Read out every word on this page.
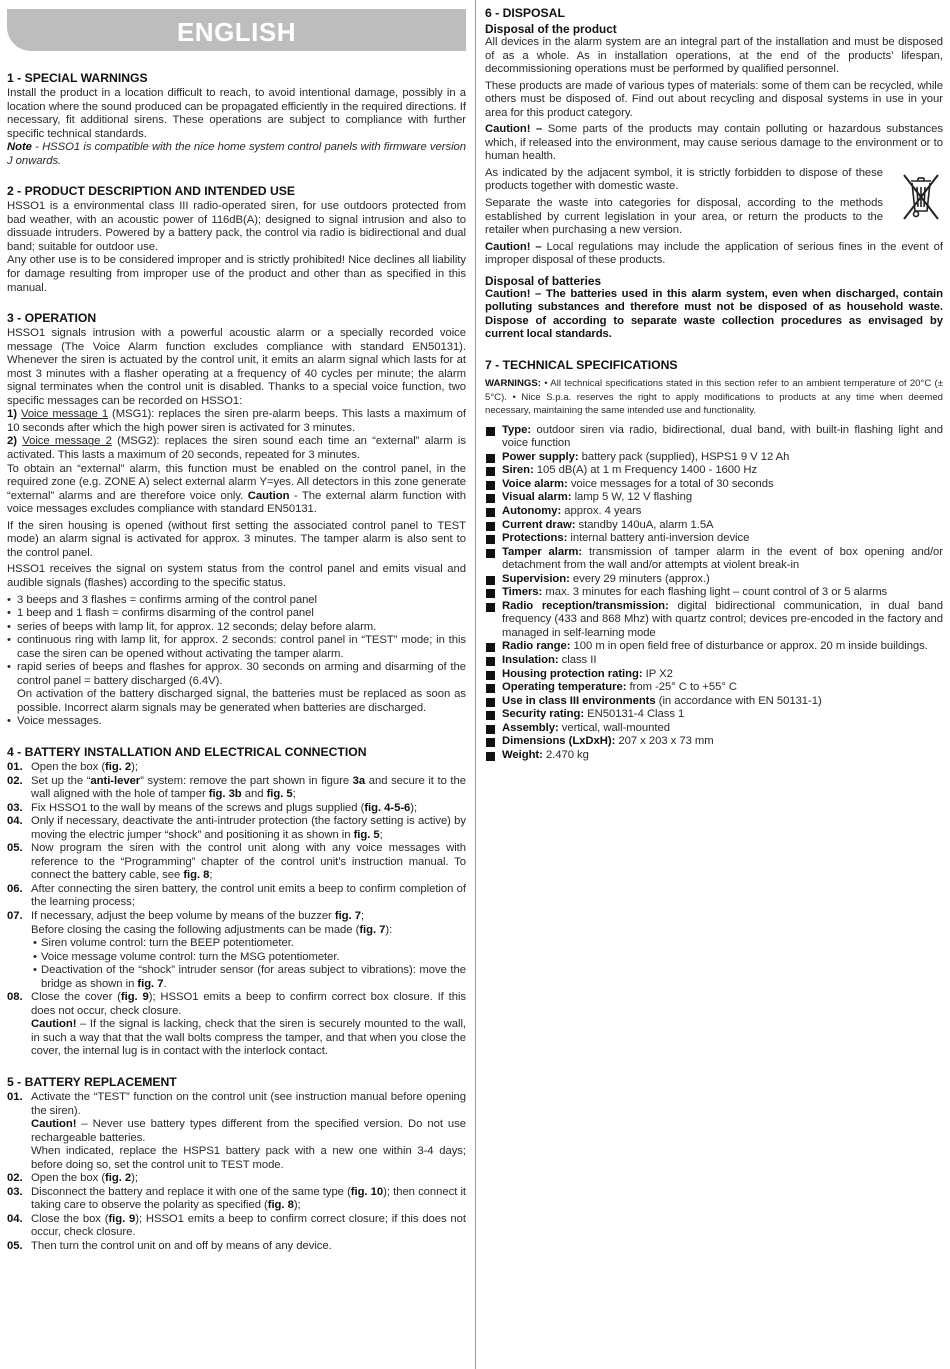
ENGLISH
1 - SPECIAL WARNINGS

Install the product in a location difficult to reach, to avoid intentional damage, possibly in a location where the sound produced can be propagated efficiently in the required directions. If necessary, fit additional sirens. These operations are subject to compliance with further specific technical standards.
Note - HSSO1 is compatible with the nice home system control panels with firmware version J onwards.

2 - PRODUCT DESCRIPTION AND INTENDED USE

HSSO1 is a environmental class III radio-operated siren, for use outdoors protected from bad weather, with an acoustic power of 116dB(A); designed to signal intrusion and also to dissuade intruders. Powered by a battery pack, the control via radio is bidirectional and dual band; suitable for outdoor use.

Any other use is to be considered improper and is strictly prohibited! Nice declines all liability for damage resulting from improper use of the product and other than as specified in this manual.

3 - OPERATION

HSSO1 signals intrusion with a powerful acoustic alarm or a specially recorded voice message (The Voice Alarm function excludes compliance with standard EN50131). Whenever the siren is actuated by the control unit, it emits an alarm signal which lasts for at most 3 minutes with a flasher operating at a frequency of 40 cycles per minute; the alarm signal terminates when the control unit is disabled. Thanks to a special voice function, two specific messages can be recorded on HSSO1:

1) Voice message 1 (MSG1): replaces the siren pre-alarm beeps. This lasts a maximum of 10 seconds after which the high power siren is activated for 3 minutes.

2) Voice message 2 (MSG2): replaces the siren sound each time an “external” alarm is activated. This lasts a maximum of 20 seconds, repeated for 3 minutes.

To obtain an “external” alarm, this function must be enabled on the control panel, in the required zone (e.g. ZONE A) select external alarm Y=yes. All detectors in this zone generate “external” alarms and are therefore voice only. Caution - The external alarm function with voice messages excludes compliance with standard EN50131.

If the siren housing is opened (without first setting the associated control panel to TEST mode) an alarm signal is activated for approx. 3 minutes. The tamper alarm is also sent to the control panel.

HSSO1 receives the signal on system status from the control panel and emits visual and audible signals (flashes) according to the specific status.

• 3 beeps and 3 flashes = confirms arming of the control panel

• 1 beep and 1 flash = confirms disarming of the control panel

• series of beeps with lamp lit, for approx. 12 seconds; delay before alarm.

• continuous ring with lamp lit, for approx. 2 seconds: control panel in “TEST” mode; in this case the siren can be opened without activating the tamper alarm.

• rapid series of beeps and flashes for approx. 30 seconds on arming and disarming of the control panel = battery discharged (6.4V).

On activation of the battery discharged signal, the batteries must be replaced as soon as possible. Incorrect alarm signals may be generated when batteries are discharged.

• Voice messages.

4 - BATTERY INSTALLATION AND ELECTRICAL CONNECTION

01. Open the box (fig. 2);

02. Set up the “anti-lever” system: remove the part shown in figure 3a and secure it to the wall aligned with the hole of tamper fig. 3b and fig. 5;

03. Fix HSSO1 to the wall by means of the screws and plugs supplied (fig. 4-5-6);

04. Only if necessary, deactivate the anti-intruder protection (the factory setting is active) by moving the electric jumper “shock” and positioning it as shown in fig. 5;

05. Now program the siren with the control unit along with any voice messages with reference to the “Programming” chapter of the control unit’s instruction manual. To connect the battery cable, see fig. 8;

06. After connecting the siren battery, the control unit emits a beep to confirm completion of the learning process;

07. If necessary, adjust the beep volume by means of the buzzer fig. 7;
Before closing the casing the following adjustments can be made (fig. 7):
• Siren volume control: turn the BEEP potentiometer.
• Voice message volume control: turn the MSG potentiometer.
• Deactivation of the “shock” intruder sensor (for areas subject to vibrations): move the bridge as shown in fig. 7.

08. Close the cover (fig. 9); HSSO1 emits a beep to confirm correct box closure. If this does not occur, check closure.
Caution! – If the signal is lacking, check that the siren is securely mounted to the wall, in such a way that that the wall bolts compress the tamper, and that when you close the cover, the internal lug is in contact with the interlock contact.

5 - BATTERY REPLACEMENT

01. Activate the “TEST” function on the control unit (see instruction manual before opening the siren).
Caution! – Never use battery types different from the specified version. Do not use rechargeable batteries.
When indicated, replace the HSPS1 battery pack with a new one within 3-4 days; before doing so, set the control unit to TEST mode.

02. Open the box (fig. 2);

03. Disconnect the battery and replace it with one of the same type (fig. 10); then connect it taking care to observe the polarity as specified (fig. 8);

04. Close the box (fig. 9); HSSO1 emits a beep to confirm correct closure; if this does not occur, check closure.

05. Then turn the control unit on and off by means of any device.

6 - DISPOSAL
Disposal of the product

All devices in the alarm system are an integral part of the installation and must be disposed of as a whole. As in installation operations, at the end of the products’ lifespan, decommissioning operations must be performed by qualified personnel.

These products are made of various types of materials: some of them can be recycled, while others must be disposed of. Find out about recycling and disposal systems in use in your area for this product category.

Caution! – Some parts of the products may contain polluting or hazardous substances which, if released into the environment, may cause serious damage to the environment or to human health.

As indicated by the adjacent symbol, it is strictly forbidden to dispose of these products together with domestic waste.

Separate the waste into categories for disposal, according to the methods established by current legislation in your area, or return the products to the retailer when purchasing a new version.

Caution! – Local regulations may include the application of serious fines in the event of improper disposal of these products.

Disposal of batteries

Caution! – The batteries used in this alarm system, even when discharged, contain polluting substances and therefore must not be disposed of as household waste. Dispose of according to separate waste collection procedures as envisaged by current local standards.

7 - TECHNICAL SPECIFICATIONS

WARNINGS: • All technical specifications stated in this section refer to an ambient temperature of 20°C (± 5°C). • Nice S.p.a. reserves the right to apply modifications to products at any time when deemed necessary, maintaining the same intended use and functionality.

Type: outdoor siren via radio, bidirectional, dual band, with built-in flashing light and voice function

Power supply: battery pack (supplied), HSPS1 9 V 12 Ah

Siren: 105 dB(A) at 1 m Frequency 1400 - 1600 Hz

Voice alarm: voice messages for a total of 30 seconds

Visual alarm: lamp 5 W, 12 V flashing

Autonomy: approx. 4 years

Current draw: standby 140uA, alarm 1.5A

Protections: internal battery anti-inversion device

Tamper alarm: transmission of tamper alarm in the event of box opening and/or detachment from the wall and/or attempts at violent break-in

Supervision: every 29 minuters (approx.)

Timers: max. 3 minutes for each flashing light – count control of 3 or 5 alarms

Radio reception/transmission: digital bidirectional communication, in dual band frequency (433 and 868 Mhz) with quartz control; devices pre-encoded in the factory and managed in self-learning mode

Radio range: 100 m in open field free of disturbance or approx. 20 m inside buildings.

Insulation: class II

Housing protection rating: IP X2

Operating temperature: from -25° C to +55° C

Use in class III environments (in accordance with EN 50131-1)

Security rating: EN50131-4 Class 1

Assembly: vertical, wall-mounted

Dimensions (LxDxH): 207 x 203 x 73 mm

Weight: 2.470 kg
